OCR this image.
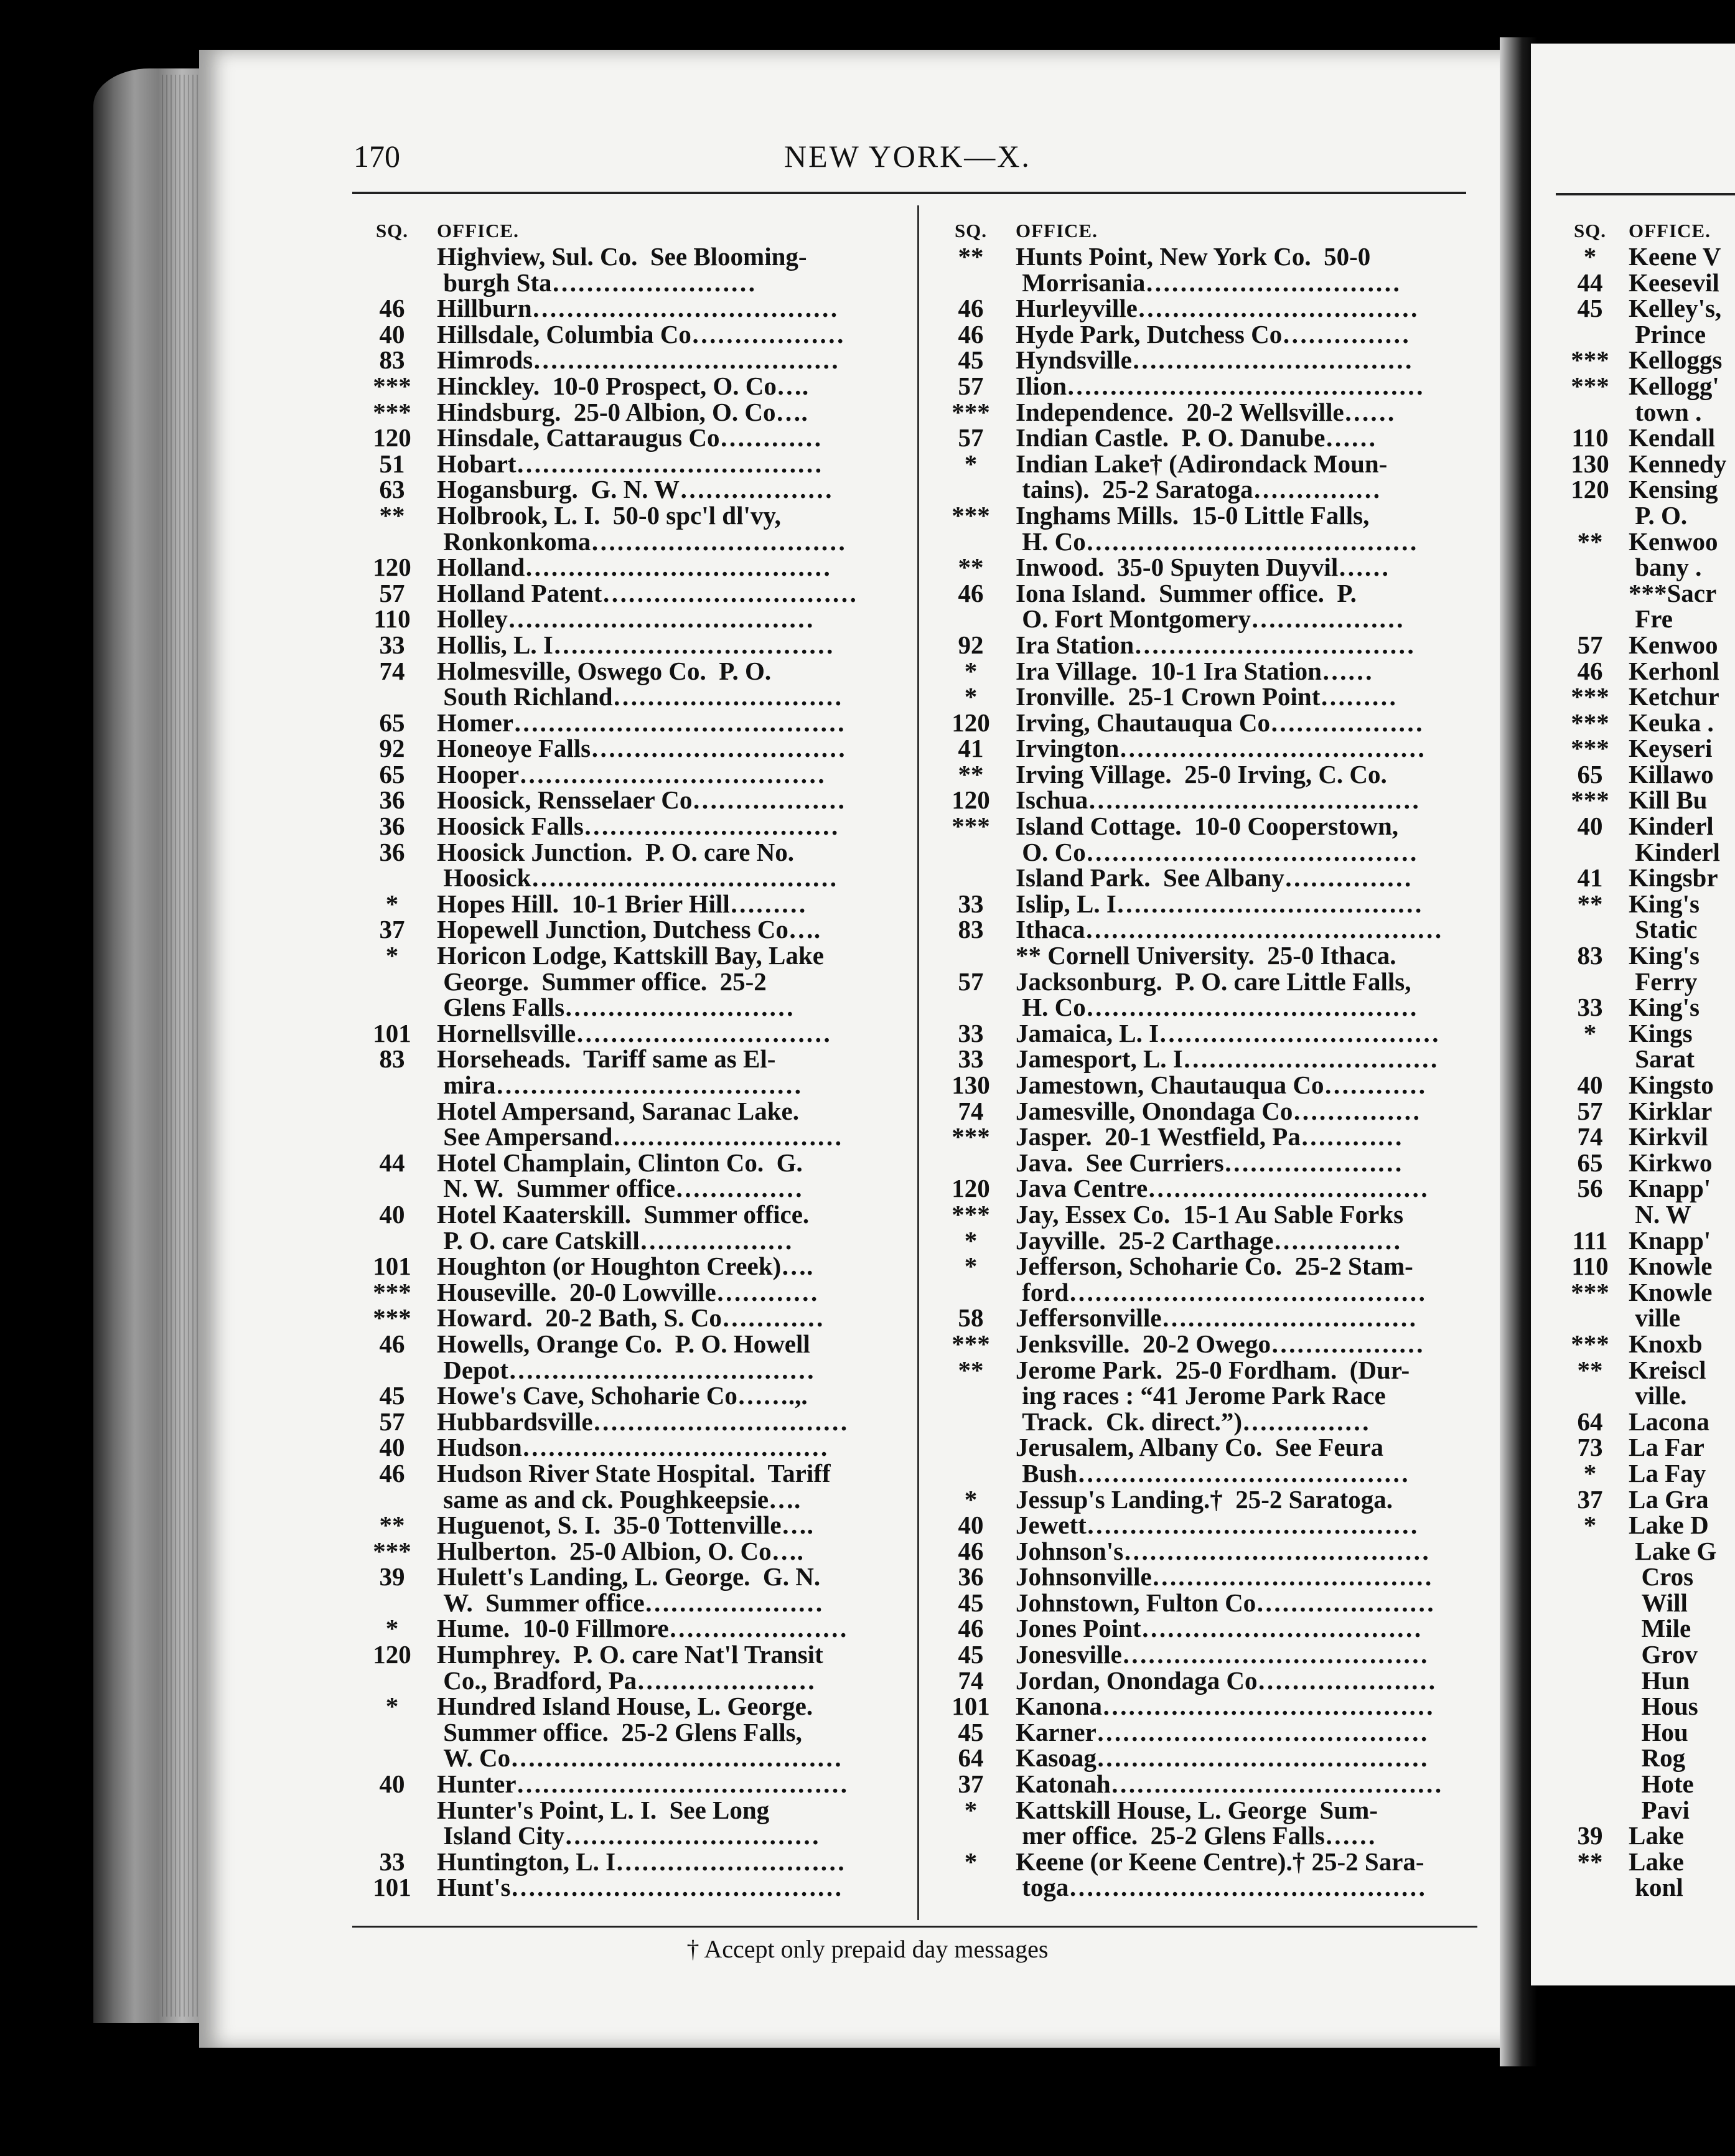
170	NEW YORK—X.
SQ.	OFFICE.
Highview, Sul. Co.  See Blooming-
burgh Sta……………………
46	Hillburn………………………………
40	Hillsdale, Columbia Co………………
83	Himrods………………………………
***	Hinckley.  10-0 Prospect, O. Co….
***	Hindsburg.  25-0 Albion, O. Co….
120	Hinsdale, Cattaraugus Co…………
51	Hobart………………………………
63	Hogansburg.  G. N. W………………
**	Holbrook, L. I.  50-0 spc'l dl'vy,
Ronkonkoma…………………………
120	Holland………………………………
57	Holland Patent…………………………
110	Holley………………………………
33	Hollis, L. I……………………………
74	Holmesville, Oswego Co.  P. O.
South Richland………………………
65	Homer…………………………………
92	Honeoye Falls…………………………
65	Hooper………………………………
36	Hoosick, Rensselaer Co………………
36	Hoosick Falls…………………………
36	Hoosick Junction.  P. O. care No.
Hoosick………………………………
*	Hopes Hill.  10-1 Brier Hill………
37	Hopewell Junction, Dutchess Co….
*	Horicon Lodge, Kattskill Bay, Lake
George.  Summer office.  25-2
Glens Falls………………………
101	Hornellsville…………………………
83	Horseheads.  Tariff same as El-
mira………………………………
Hotel Ampersand, Saranac Lake.
See Ampersand………………………
44	Hotel Champlain, Clinton Co.  G.
N. W.  Summer office……………
40	Hotel Kaaterskill.  Summer office.
P. O. care Catskill………………
101	Houghton (or Houghton Creek)….
***	Houseville.  20-0 Lowville…………
***	Howard.  20-2 Bath, S. Co…………
46	Howells, Orange Co.  P. O. Howell
Depot………………………………
45	Howe's Cave, Schoharie Co…….,.
57	Hubbardsville…………………………
40	Hudson………………………………
46	Hudson River State Hospital.  Tariff
same as and ck. Poughkeepsie….
**	Huguenot, S. I.  35-0 Tottenville….
***	Hulberton.  25-0 Albion, O. Co….
39	Hulett's Landing, L. George.  G. N.
W.  Summer office…………………
*	Hume.  10-0 Fillmore…………………
120	Humphrey.  P. O. care Nat'l Transit
Co., Bradford, Pa…………………
*	Hundred Island House, L. George.
Summer office.  25-2 Glens Falls,
W. Co…………………………………
40	Hunter…………………………………
Hunter's Point, L. I.  See Long
Island City…………………………
33	Huntington, L. I………………………
101	Hunt's…………………………………
SQ.	OFFICE.
**	Hunts Point, New York Co.  50-0
Morrisania…………………………
46	Hurleyville……………………………
46	Hyde Park, Dutchess Co……………
45	Hyndsville……………………………
57	Ilion……………………………………
***	Independence.  20-2 Wellsville……
57	Indian Castle.  P. O. Danube……
*	Indian Lake† (Adirondack Moun-
tains).  25-2 Saratoga……………
***	Inghams Mills.  15-0 Little Falls,
H. Co…………………………………
**	Inwood.  35-0 Spuyten Duyvil……
46	Iona Island.  Summer office.  P.
O. Fort Montgomery………………
92	Ira Station……………………………
*	Ira Village.  10-1 Ira Station……
*	Ironville.  25-1 Crown Point………
120	Irving, Chautauqua Co………………
41	Irvington………………………………
**	Irving Village.  25-0 Irving, C. Co.
120	Ischua…………………………………
***	Island Cottage.  10-0 Cooperstown,
O. Co…………………………………
Island Park.  See Albany……………
33	Islip, L. I………………………………
83	Ithaca……………………………………
** Cornell University.  25-0 Ithaca.
57	Jacksonburg.  P. O. care Little Falls,
H. Co…………………………………
33	Jamaica, L. I……………………………
33	Jamesport, L. I…………………………
130	Jamestown, Chautauqua Co…………
74	Jamesville, Onondaga Co……………
***	Jasper.  20-1 Westfield, Pa…………
Java.  See Curriers…………………
120	Java Centre……………………………
***	Jay, Essex Co.  15-1 Au Sable Forks
*	Jayville.  25-2 Carthage……………
*	Jefferson, Schoharie Co.  25-2 Stam-
ford……………………………………
58	Jeffersonville…………………………
***	Jenksville.  20-2 Owego………………
**	Jerome Park.  25-0 Fordham.  (Dur-
ing races : “41 Jerome Park Race
Track.  Ck. direct.”)……………
Jerusalem, Albany Co.  See Feura
Bush…………………………………
*	Jessup's Landing.†  25-2 Saratoga.
40	Jewett…………………………………
46	Johnson's………………………………
36	Johnsonville……………………………
45	Johnstown, Fulton Co…………………
46	Jones Point……………………………
45	Jonesville………………………………
74	Jordan, Onondaga Co…………………
101	Kanona…………………………………
45	Karner…………………………………
64	Kasoag…………………………………
37	Katonah…………………………………
*	Kattskill House, L. George  Sum-
mer office.  25-2 Glens Falls……
*	Keene (or Keene Centre).† 25-2 Sara-
toga……………………………………
SQ.	OFFICE.
*	Keene V
44	Keesevil
45	Kelley's,
Prince
*** Kelloggs
*** Kellogg'
town .
110 Kendall
130 Kennedy
120 Kensing
P. O.
**	Kenwoo
bany .
***Sacr
Fre
57	Kenwoo
46	Kerhonl
*** Ketchur
*** Keuka .
*** Keyseri
65	Killawo
*** Kill Bu
40	Kinderl
Kinderl
41	Kingsbr
**	King's
Static
83	King's
Ferry
33	King's
*	Kings
Sarat
40	Kingsto
57	Kirklar
74	Kirkvil
65	Kirkwo
56	Knapp'
N. W
111 Knapp'
110 Knowle
*** Knowle
ville
*** Knoxb
**	Kreiscl
ville.
64	Lacona
73	La Far
*	La Fay
37	La Gra
*	Lake D
Lake G
Cros
Will
Mile
Grov
Hun
Hous
Hou
Rog
Hote
Pavi
39	Lake
**	Lake
konl
† Accept only prepaid day messages
